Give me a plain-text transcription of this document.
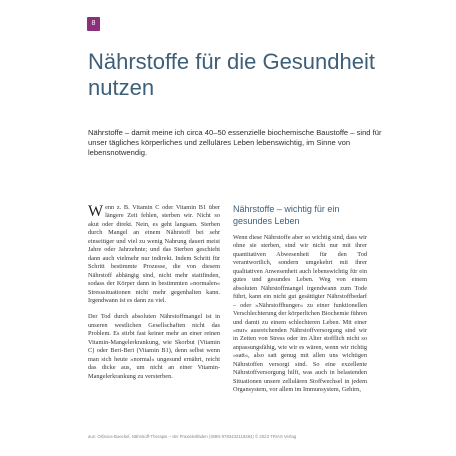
8
Nährstoffe für die Gesundheit nutzen

Nährstoffe – damit meine ich circa 40–50 essenzielle biochemische Baustoffe – sind für unser tägliches körperliches und zelluläres Leben lebenswichtig, im Sinne von lebensnotwendig.

Wenn z. B. Vitamin C oder Vitamin B1 über längere Zeit fehlen, sterben wir. Nicht so akut oder direkt. Nein, es geht langsam. Sterben durch Mangel an einem Nährstoff bei sehr einseitiger und viel zu wenig Nahrung dauert meist Jahre oder Jahrzehnte; und das Sterben geschieht dann auch vielmehr nur indirekt. Indem Schritt für Schritt bestimmte Prozesse, die von diesem Nährstoff abhängig sind, nicht mehr stattfinden, sodass der Körper dann in bestimmten »normalen« Stresssituationen nicht mehr gegenhalten kann. Irgendwann ist es dann zu viel.

Der Tod durch absoluten Nährstoffmangel ist in unseren westlichen Gesellschaften nicht das Problem. Es stirbt fast keiner mehr an einer reinen Vitamin-Mangelerkrankung, wie Skorbut (Vitamin C) oder Beri-Beri (Vitamin B1), denn selbst wenn man sich heute »normal« ungesund ernährt, reicht das dicke aus, um nicht an einer Vitamin-Mangelerkrankung zu versterben.

Nährstoffe – wichtig für ein gesundes Leben

Wenn diese Nährstoffe aber so wichtig sind, dass wir ohne sie sterben, sind wir nicht nur mit ihrer quantitativen Abwesenheit für den Tod verantwortlich, sondern umgekehrt mit ihrer qualitativen Anwesenheit auch lebenswichtig für ein gutes und gesundes Leben. Weg von einem absoluten Nährstoffmangel irgendwann zum Tode führt, kann ein nicht gut gesättigter Nährstoffbedarf – oder »Nährstoffhunger« zu einer funktionellen Verschlechterung der körperlichen Biochemie führen und damit zu einem schlechteren Leben. Mit einer »nur« ausreichenden Nährstoffversorgung sind wir in Zeiten von Stress oder im Alter stofflich nicht so anpassungsfähig, wie wir es wären, wenn wir richtig »satt«, also satt genug mit allen uns wichtigen Nährstoffen versorgt sind. So eine exzellente Nährstoffversorgung hilft, was auch in belastenden Situationen unsere zellulären Stoffwechsel in jedem Organsystem, vor allem im Immunsystem, Gehirn,

aus: Orfanos-Boeckel, Nährstoff-Therapie – der Praxisleitfaden (ISBN 9783432118284) © 2023 TRIAS Verlag
